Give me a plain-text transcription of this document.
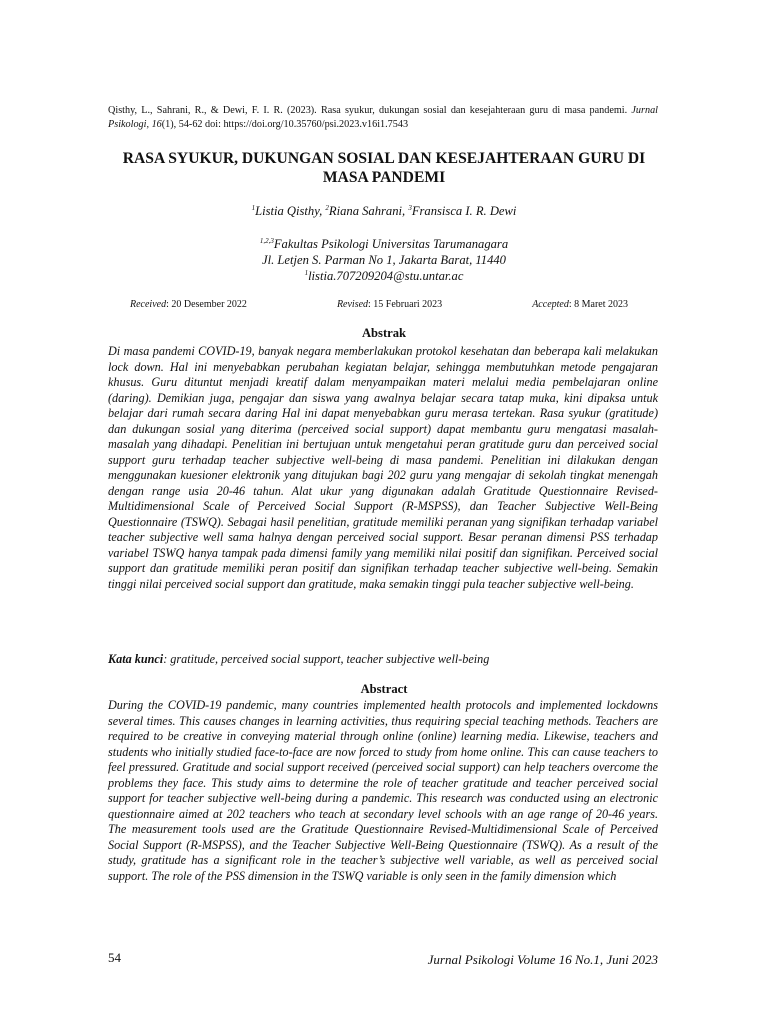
Qisthy, L., Sahrani, R., & Dewi, F. I. R. (2023). Rasa syukur, dukungan sosial dan kesejahteraan guru di masa pandemi. Jurnal Psikologi, 16(1), 54-62 doi: https://doi.org/10.35760/psi.2023.v16i1.7543
RASA SYUKUR, DUKUNGAN SOSIAL DAN KESEJAHTERAAN GURU DI MASA PANDEMI
$^1$Listia Qisthy, $^2$Riana Sahrani, $^3$Fransisca I. R. Dewi
$^{1,2,3}$Fakultas Psikologi Universitas Tarumanagara
Jl. Letjen S. Parman No 1, Jakarta Barat, 11440
$^1$listia.707209204@stu.untar.ac
Received: 20 Desember 2022	Revised: 15 Februari 2023	Accepted: 8 Maret 2023
Abstrak
Di masa pandemi COVID-19, banyak negara memberlakukan protokol kesehatan dan beberapa kali melakukan lock down. Hal ini menyebabkan perubahan kegiatan belajar, sehingga membutuhkan metode pengajaran khusus. Guru dituntut menjadi kreatif dalam menyampaikan materi melalui media pembelajaran online (daring). Demikian juga, pengajar dan siswa yang awalnya belajar secara tatap muka, kini dipaksa untuk belajar dari rumah secara daring Hal ini dapat menyebabkan guru merasa tertekan. Rasa syukur (gratitude) dan dukungan sosial yang diterima (perceived social support) dapat membantu guru mengatasi masalah-masalah yang dihadapi. Penelitian ini bertujuan untuk mengetahui peran gratitude guru dan perceived social support guru terhadap teacher subjective well-being di masa pandemi. Penelitian ini dilakukan dengan menggunakan kuesioner elektronik yang ditujukan bagi 202 guru yang mengajar di sekolah tingkat menengah dengan range usia 20-46 tahun. Alat ukur yang digunakan adalah Gratitude Questionnaire Revised-Multidimensional Scale of Perceived Social Support (R-MSPSS), dan Teacher Subjective Well-Being Questionnaire (TSWQ). Sebagai hasil penelitian, gratitude memiliki peranan yang signifikan terhadap variabel teacher subjective well sama halnya dengan perceived social support. Besar peranan dimensi PSS terhadap variabel TSWQ hanya tampak pada dimensi family yang memiliki nilai positif dan signifikan. Perceived social support dan gratitude memiliki peran positif dan signifikan terhadap teacher subjective well-being. Semakin tinggi nilai perceived social support dan gratitude, maka semakin tinggi pula teacher subjective well-being.
Kata kunci: gratitude, perceived social support, teacher subjective well-being
Abstract
During the COVID-19 pandemic, many countries implemented health protocols and implemented lockdowns several times. This causes changes in learning activities, thus requiring special teaching methods. Teachers are required to be creative in conveying material through online (online) learning media. Likewise, teachers and students who initially studied face-to-face are now forced to study from home online. This can cause teachers to feel pressured. Gratitude and social support received (perceived social support) can help teachers overcome the problems they face. This study aims to determine the role of teacher gratitude and teacher perceived social support for teacher subjective well-being during a pandemic. This research was conducted using an electronic questionnaire aimed at 202 teachers who teach at secondary level schools with an age range of 20-46 years. The measurement tools used are the Gratitude Questionnaire Revised-Multidimensional Scale of Perceived Social Support (R-MSPSS), and the Teacher Subjective Well-Being Questionnaire (TSWQ). As a result of the study, gratitude has a significant role in the teacher’s subjective well variable, as well as perceived social support. The role of the PSS dimension in the TSWQ variable is only seen in the family dimension which
54	Jurnal Psikologi Volume 16 No.1, Juni 2023
